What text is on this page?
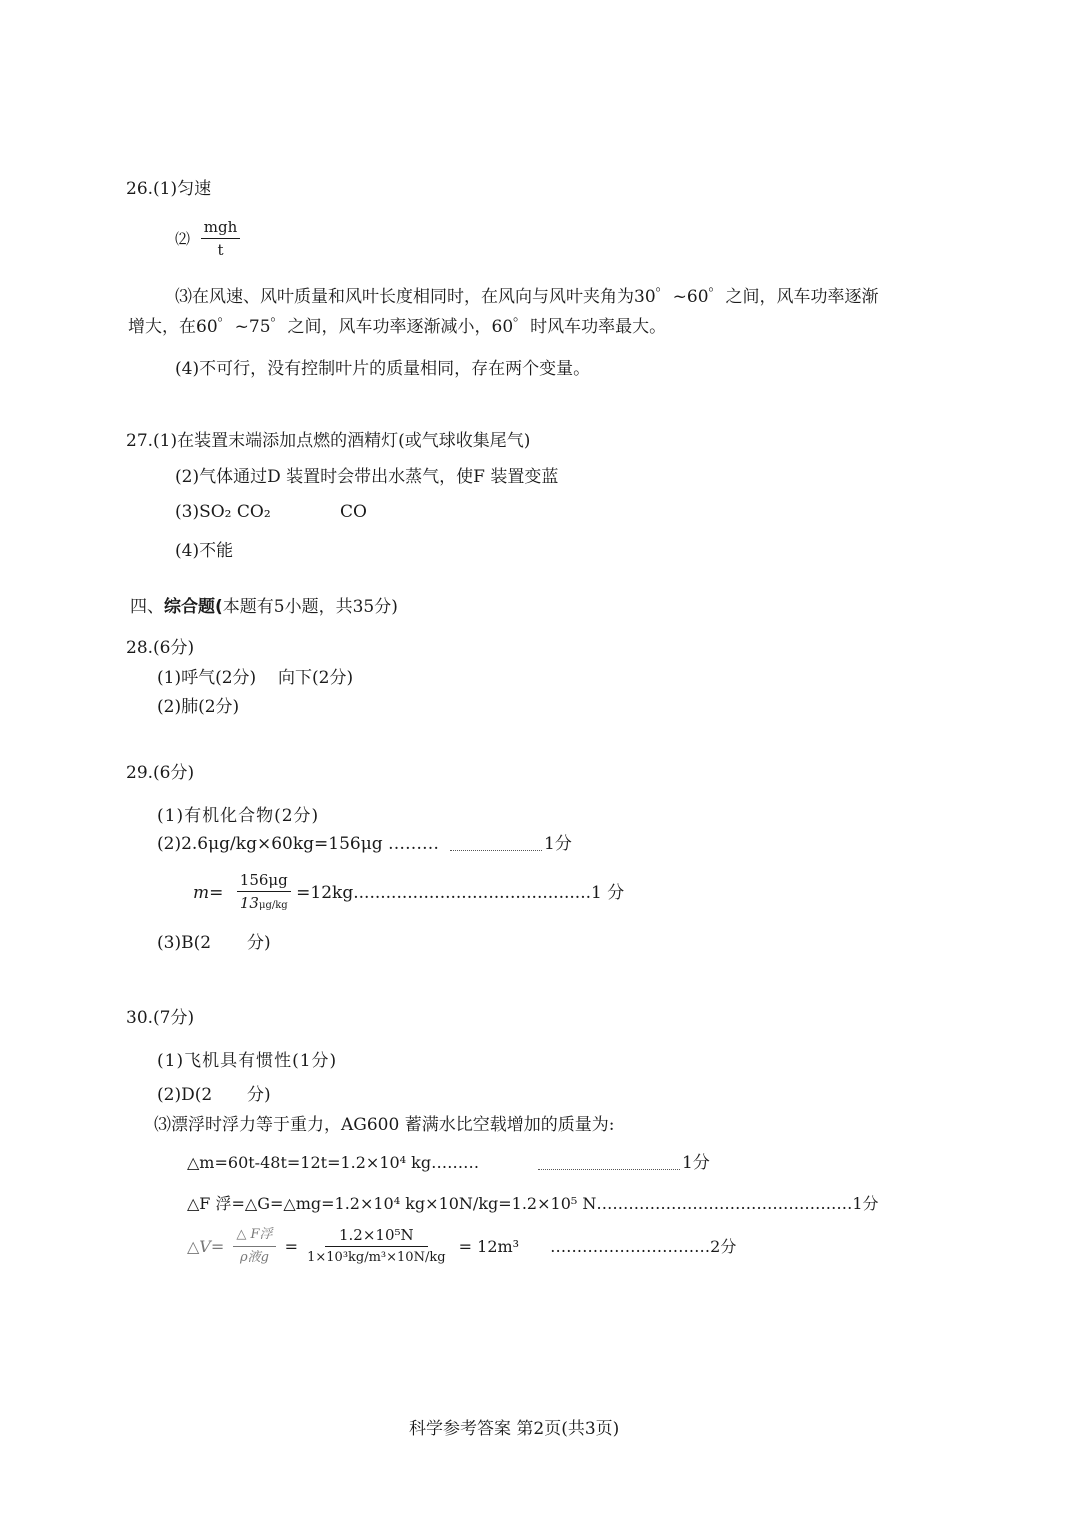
26.(1)匀速
⑵ $\frac{\text{mgh}}{t}$
⑶在风速、风叶质量和风叶长度相同时，在风向与风叶夹角为30゜~60゜之间，风车功率逐渐
增大，在60゜~75゜之间，风车功率逐渐减小，60゜时风车功率最大。
(4)不可行，没有控制叶片的质量相同，存在两个变量。
27.(1)在装置末端添加点燃的酒精灯(或气球收集尾气)
(2)气体通过D 装置时会带出水蒸气，使F 装置变蓝
(3)SO₂ CO₂	CO
(4)不能
四、综合题(本题有5小题，共35分)
28.(6分)
(1)呼气(2分) 向下(2分)
(2)肺(2分)
29.(6分)
(1)有机化合物(2分)
(2)2.6μg/kg×60kg=156μg ………	1分
$m= \frac{156\mu g}{13\mu g/kg} =12kg............................................1$ 分
(3)B(2 分)
30.(7分)
(1)飞机具有惯性(1分)
(2)D(2 分)
⑶漂浮时浮力等于重力，AG600 蓄满水比空载增加的质量为:
△m=60t-48t=12t=1.2×10⁴ kg………	1分
△F 浮=△G=△mg=1.2×10⁴ kg×10N/kg=1.2×10⁵ N…………………………………………1分
△V= $\frac{\text{△ F浮}}{\text{ρ液g}} = \frac{\text{1.2×10⁵N}}{\text{1×10³kg/m³×10N/kg}} = 12m^3$ …………………………2分
科学参考答案 第2页(共3页)
